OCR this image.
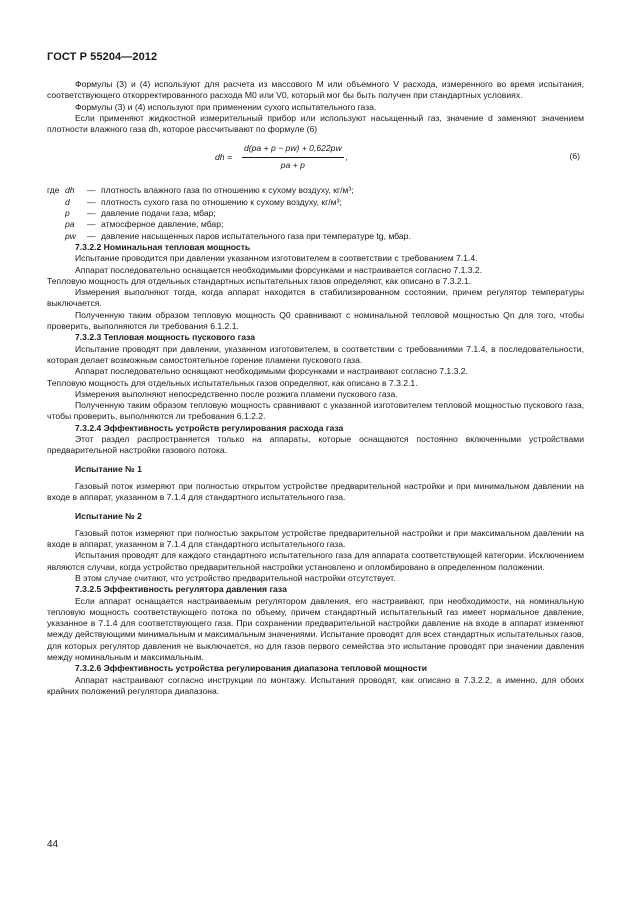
ГОСТ Р 55204—2012

Формулы (3) и (4) используют для расчета из массового M или объемного V расхода, измеренного во время испытания, соответствующего откорректированного расхода M0 или V0, который мог бы быть получен при стандартных условиях.

Формулы (3) и (4) используют при применении сухого испытательного газа.

Если применяют жидкостной измерительный прибор или используют насыщенный газ, значение d заменяют значением плотности влажного газа dh, которое рассчитывают по формуле (6)

dh = $\frac{d(pa + p - pw) + 0,622pw}{pa + p}$ ,	(6)
где dh	— плотность влажного газа по отношению к сухому воздуху, кг/м³;
d	— плотность сухого газа по отношению к сухому воздуху, кг/м³;
p	— давление подачи газа, мбар;
pa	— атмосферное давление, мбар;
pw	— давление насыщенных паров испытательного газа при температуре tg, мбар.

7.3.2.2 Номинальная тепловая мощность

Испытание проводится при давлении указанном изготовителем в соответствии с требованием 7.1.4.

Аппарат последовательно оснащается необходимыми форсунками и настраивается согласно 7.1.3.2.

Тепловую мощность для отдельных стандартных испытательных газов определяют, как описано в 7.3.2.1.

Измерения выполняют тогда, когда аппарат находится в стабилизированном состоянии, причем регулятор температуры выключается.

Полученную таким образом тепловую мощность Q0 сравнивают с номинальной тепловой мощностью Qn для того, чтобы проверить, выполняются ли требования 6.1.2.1.

7.3.2.3 Тепловая мощность пускового газа

Испытание проводят при давлении, указанном изготовителем, в соответствии с требованиями 7.1.4, в последовательности, которая делает возможным самостоятельное горение пламени пускового газа.

Аппарат последовательно оснащают необходимыми форсунками и настраивают согласно 7.1.3.2.

Тепловую мощность для отдельных испытательных газов определяют, как описано в 7.3.2.1.

Измерения выполняют непосредственно после розжига пламени пускового газа.

Полученную таким образом тепловую мощность сравнивают с указанной изготовителем тепловой мощностью пускового газа, чтобы проверить, выполняются ли требования 6.1.2.2.

7.3.2.4 Эффективность устройств регулирования расхода газа

Этот раздел распространяется только на аппараты, которые оснащаются постоянно включенными устройствами предварительной настройки газового потока.

Испытание № 1

Газовый поток измеряют при полностью открытом устройстве предварительной настройки и при минимальном давлении на входе в аппарат, указанном в 7.1.4 для стандартного испытательного газа.

Испытание № 2

Газовый поток измеряют при полностью закрытом устройстве предварительной настройки и при максимальном давлении на входе в аппарат, указанном в 7.1.4 для стандартного испытательного газа.

Испытания проводят для каждого стандартного испытательного газа для аппарата соответствующей категории. Исключением являются случаи, когда устройство предварительной настройки установлено и опломбировано в определенном положении.

В этом случае считают, что устройство предварительной настройки отсутствует.

7.3.2.5 Эффективность регулятора давления газа

Если аппарат оснащается настраиваемым регулятором давления, его настраивают, при необходимости, на номинальную тепловую мощность соответствующего потока по объему, причем стандартный испытательный газ имеет нормальное давление, указанное в 7.1.4 для соответствующего газа. При сохранении предварительной настройки давление на входе в аппарат изменяют между действующими минимальным и максимальным значениями. Испытание проводят для всех стандартных испытательных газов, для которых регулятор давления не выключается, но для газов первого семейства это испытание проводят при значении давления между номинальным и максимальным.

7.3.2.6 Эффективность устройства регулирования диапазона тепловой мощности

Аппарат настраивают согласно инструкции по монтажу. Испытания проводят, как описано в 7.3.2.2, а именно, для обоих крайних положений регулятора диапазона.

44
